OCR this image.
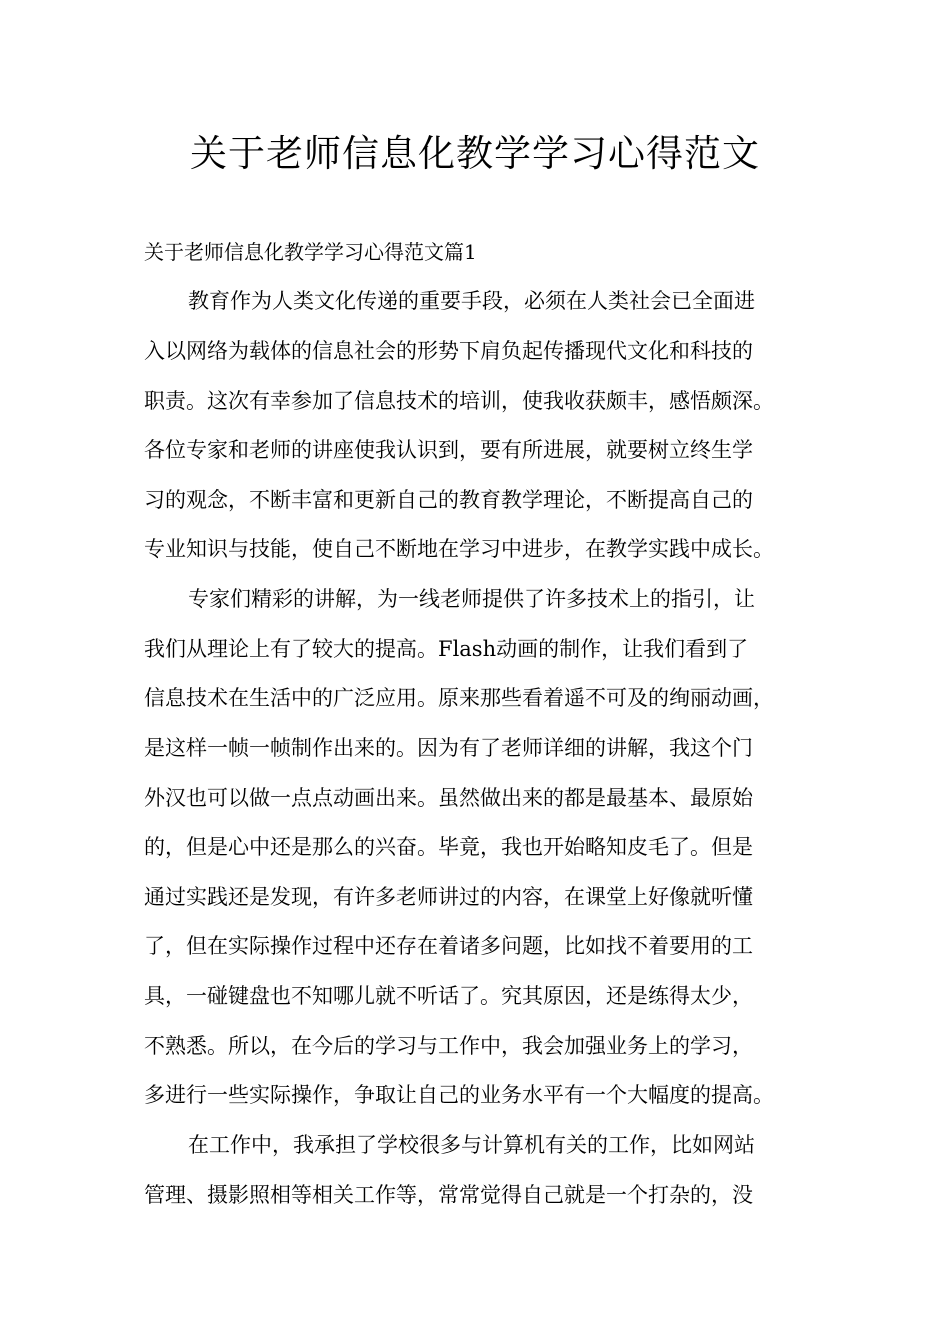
关于老师信息化教学学习心得范文

关于老师信息化教学学习心得范文篇1

教育作为人类文化传递的重要手段，必须在人类社会已全面进

入以网络为载体的信息社会的形势下肩负起传播现代文化和科技的

职责。这次有幸参加了信息技术的培训，使我收获颇丰，感悟颇深。

各位专家和老师的讲座使我认识到，要有所进展，就要树立终生学

习的观念，不断丰富和更新自己的教育教学理论，不断提高自己的

专业知识与技能，使自己不断地在学习中进步，在教学实践中成长。

专家们精彩的讲解，为一线老师提供了许多技术上的指引，让

我们从理论上有了较大的提高。Flash动画的制作，让我们看到了

信息技术在生活中的广泛应用。原来那些看着遥不可及的绚丽动画，

是这样一帧一帧制作出来的。因为有了老师详细的讲解，我这个门

外汉也可以做一点点动画出来。虽然做出来的都是最基本、最原始

的，但是心中还是那么的兴奋。毕竟，我也开始略知皮毛了。但是

通过实践还是发现，有许多老师讲过的内容，在课堂上好像就听懂

了，但在实际操作过程中还存在着诸多问题，比如找不着要用的工

具，一碰键盘也不知哪儿就不听话了。究其原因，还是练得太少，

不熟悉。所以，在今后的学习与工作中，我会加强业务上的学习，

多进行一些实际操作，争取让自己的业务水平有一个大幅度的提高。

在工作中，我承担了学校很多与计算机有关的工作，比如网站

管理、摄影照相等相关工作等，常常觉得自己就是一个打杂的，没
